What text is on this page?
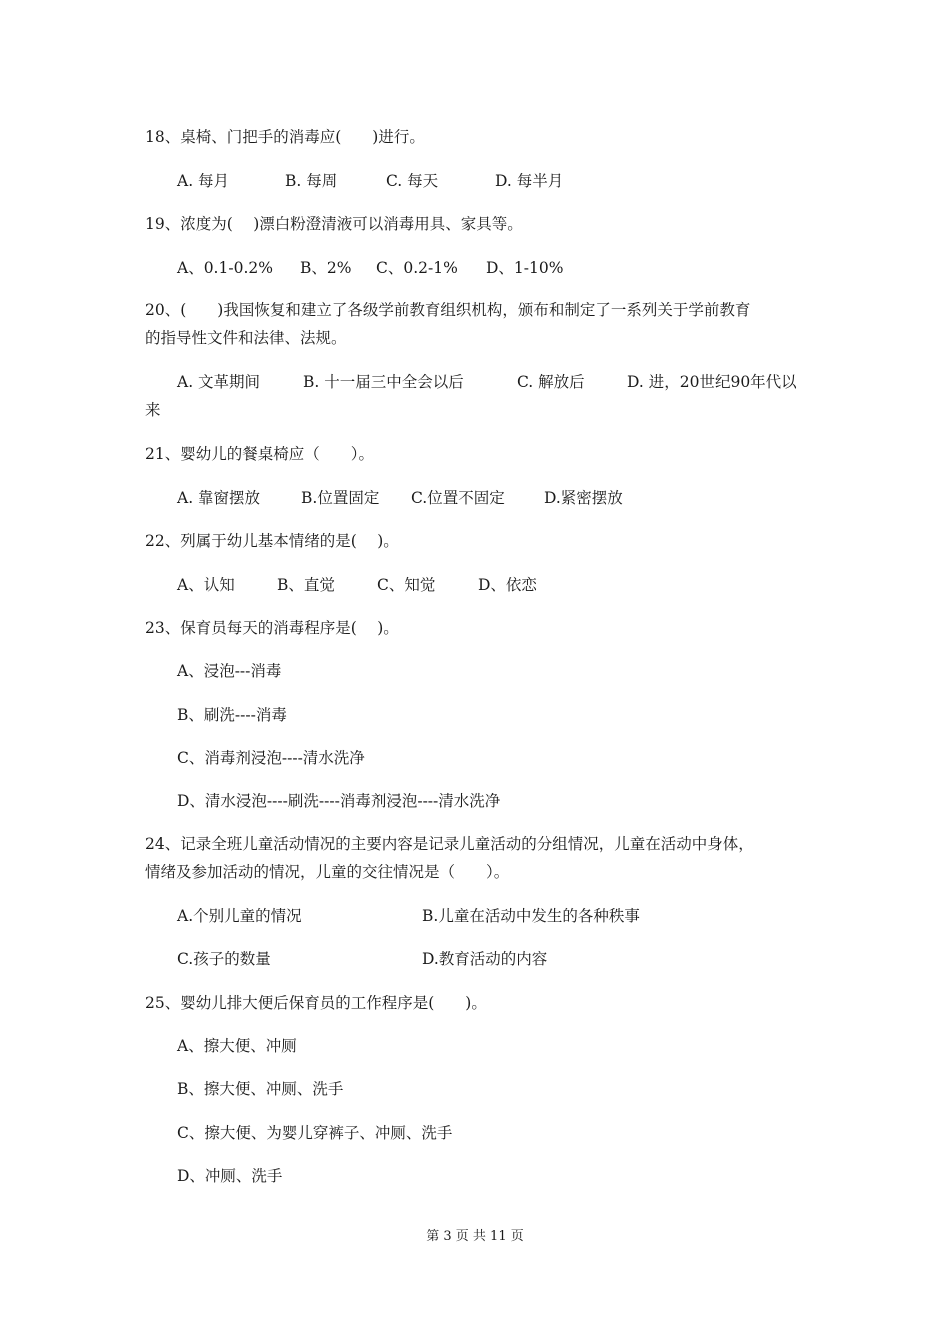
18、桌椅、门把手的消毒应(　　)进行。

A. 每月

	B. 每周

	C. 每天

	D. 每半月

19、浓度为(　 )漂白粉澄清液可以消毒用具、家具等。

A、0.1-0.2%

B、2%

C、0.2-1%

D、1-10%

20、(　　)我国恢复和建立了各级学前教育组织机构，颁布和制定了一系列关于学前教育
的指导性文件和法律、法规。

A. 文革期间

	B. 十一届三中全会以后

	C. 解放后

	D. 进，20世纪90年代以

来
21、婴幼儿的餐桌椅应（　　）。

A. 靠窗摆放

	B.位置固定

C.位置不固定

	D.紧密摆放

22、列属于幼儿基本情绪的是(　 )。

A、认知

	B、直觉

	C、知觉

	D、依恋

23、保育员每天的消毒程序是(　 )。
A、浸泡---消毒
B、刷洗----消毒
C、消毒剂浸泡----清水洗净
D、清水浸泡----刷洗----消毒剂浸泡----清水洗净
24、记录全班儿童活动情况的主要内容是记录儿童活动的分组情况，儿童在活动中身体，
情绪及参加活动的情况，儿童的交往情况是（　　）。

A.个别儿童的情况

	B.儿童在活动中发生的各种秩事

C.孩子的数量

	D.教育活动的内容

25、婴幼儿排大便后保育员的工作程序是(　　)。
A、擦大便、冲厕
B、擦大便、冲厕、洗手
C、擦大便、为婴儿穿裤子、冲厕、洗手
D、冲厕、洗手
第 3 页 共 11 页
